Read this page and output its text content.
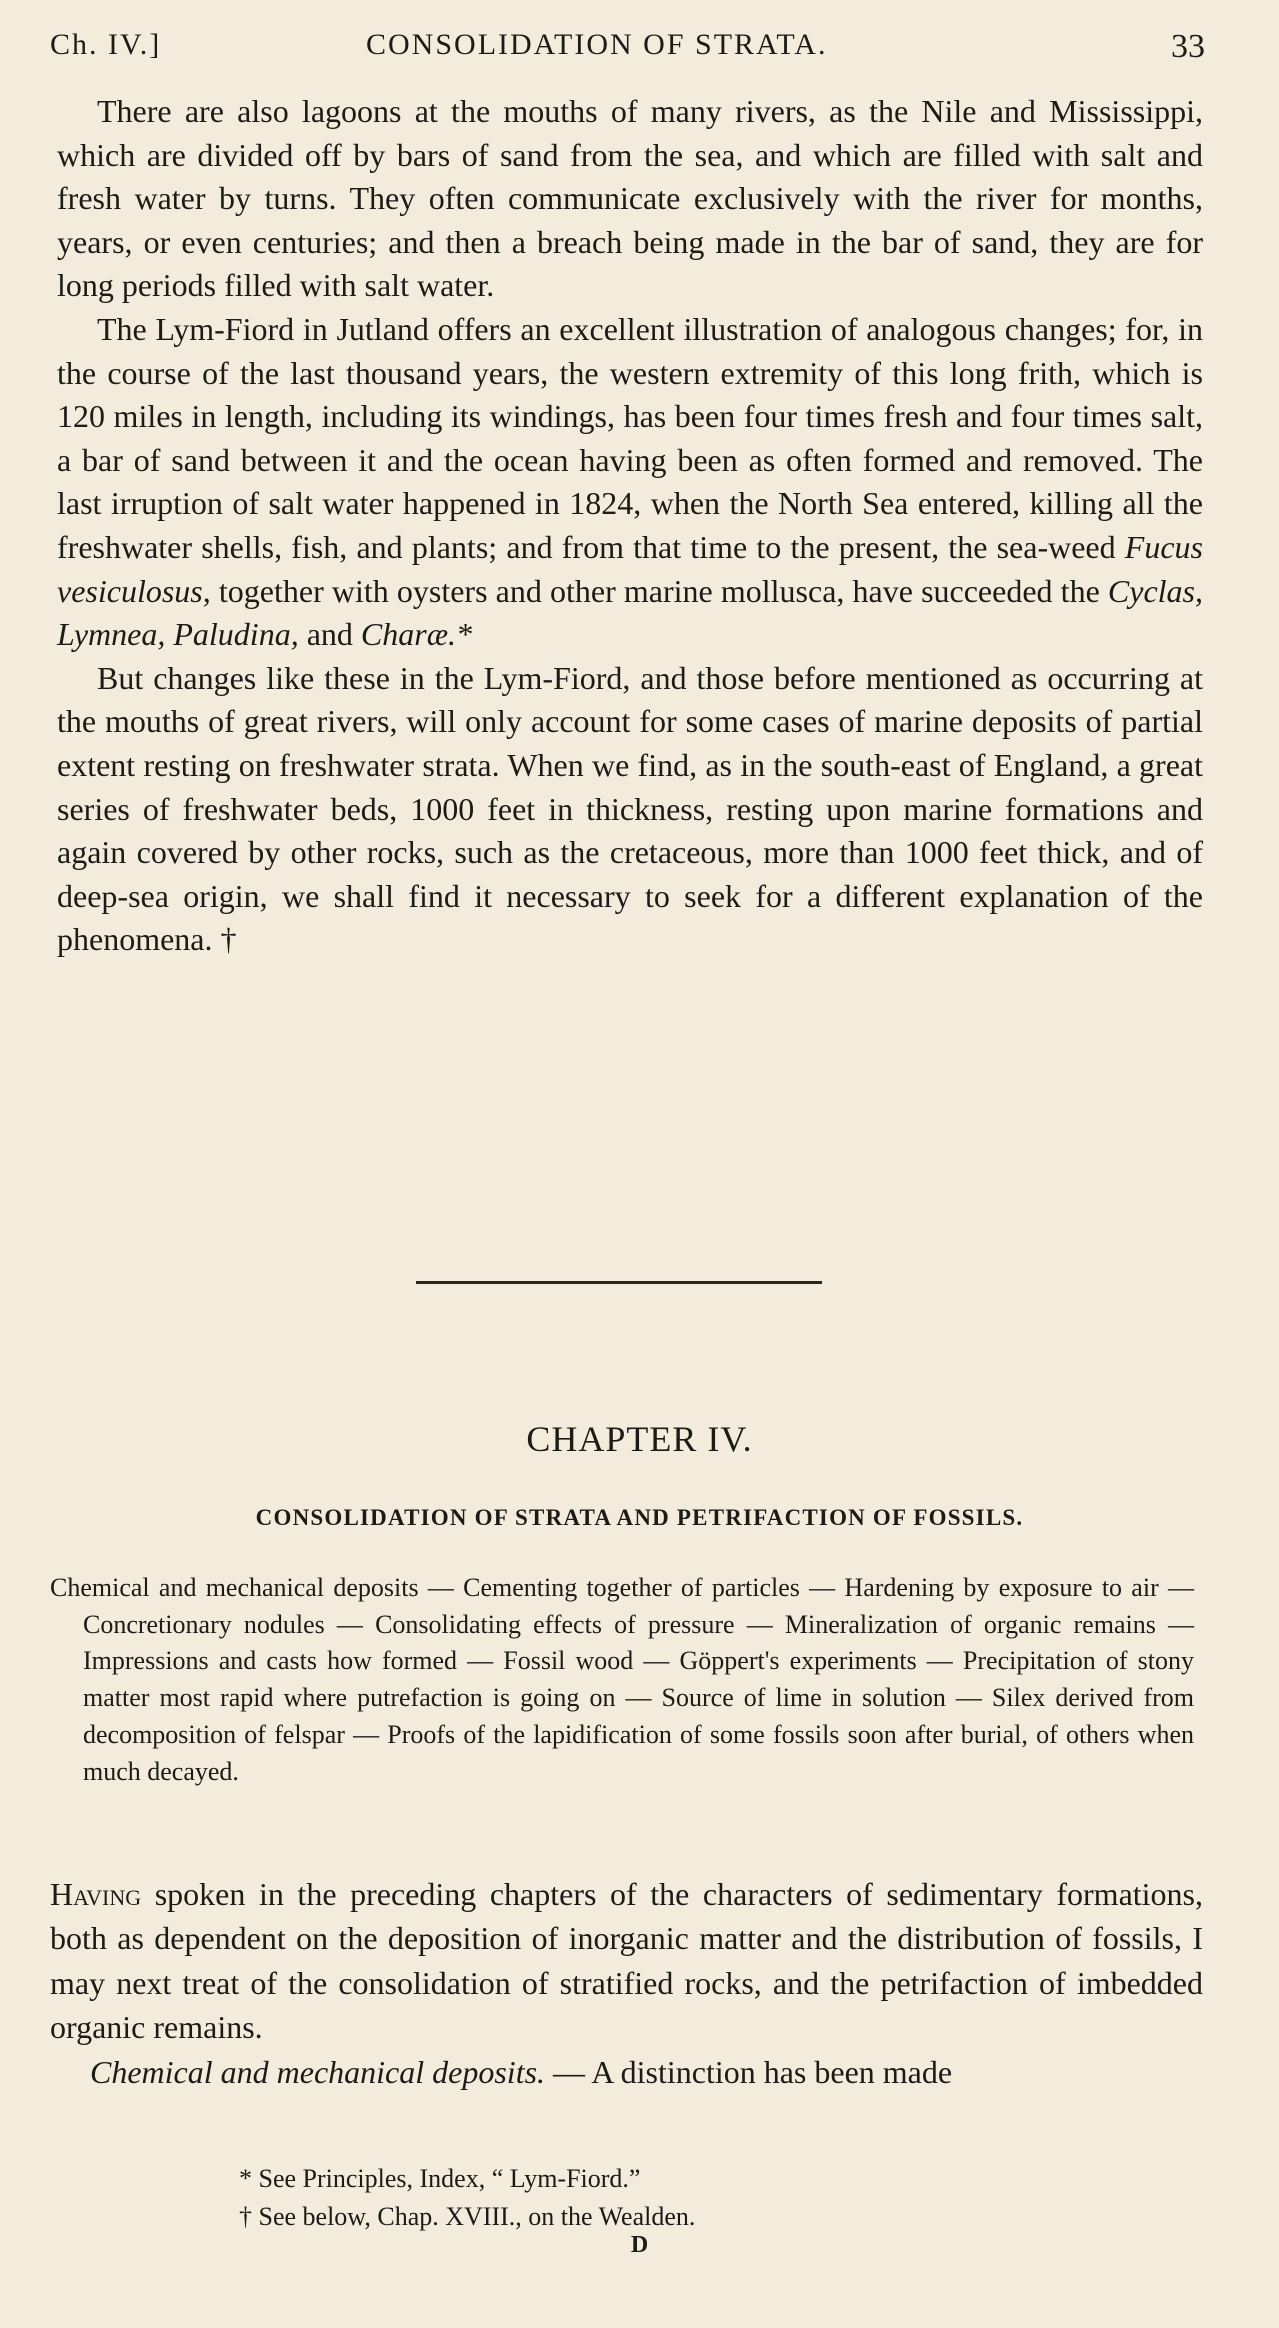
Ch. IV.]	CONSOLIDATION OF STRATA.	33

There are also lagoons at the mouths of many rivers, as the Nile and Mississippi, which are divided off by bars of sand from the sea, and which are filled with salt and fresh water by turns. They often communicate exclusively with the river for months, years, or even centuries; and then a breach being made in the bar of sand, they are for long periods filled with salt water.

The Lym-Fiord in Jutland offers an excellent illustration of analogous changes; for, in the course of the last thousand years, the western extremity of this long frith, which is 120 miles in length, including its windings, has been four times fresh and four times salt, a bar of sand between it and the ocean having been as often formed and removed. The last irruption of salt water happened in 1824, when the North Sea entered, killing all the freshwater shells, fish, and plants; and from that time to the present, the sea-weed Fucus vesiculosus, together with oysters and other marine mollusca, have succeeded the Cyclas, Lymnea, Paludina, and Charæ.*

But changes like these in the Lym-Fiord, and those before mentioned as occurring at the mouths of great rivers, will only account for some cases of marine deposits of partial extent resting on freshwater strata. When we find, as in the south-east of England, a great series of freshwater beds, 1000 feet in thickness, resting upon marine formations and again covered by other rocks, such as the cretaceous, more than 1000 feet thick, and of deep-sea origin, we shall find it necessary to seek for a different explanation of the phenomena. †

CHAPTER IV.
CONSOLIDATION OF STRATA AND PETRIFACTION OF FOSSILS.

Chemical and mechanical deposits — Cementing together of particles — Hardening by exposure to air — Concretionary nodules — Consolidating effects of pressure — Mineralization of organic remains — Impressions and casts how formed — Fossil wood — Göppert's experiments — Precipitation of stony matter most rapid where putrefaction is going on — Source of lime in solution — Silex derived from decomposition of felspar — Proofs of the lapidification of some fossils soon after burial, of others when much decayed.

Having spoken in the preceding chapters of the characters of sedimentary formations, both as dependent on the deposition of inorganic matter and the distribution of fossils, I may next treat of the consolidation of stratified rocks, and the petrifaction of imbedded organic remains.

Chemical and mechanical deposits. — A distinction has been made

* See Principles, Index, “ Lym-Fiord.”
† See below, Chap. XVIII., on the Wealden.
D
